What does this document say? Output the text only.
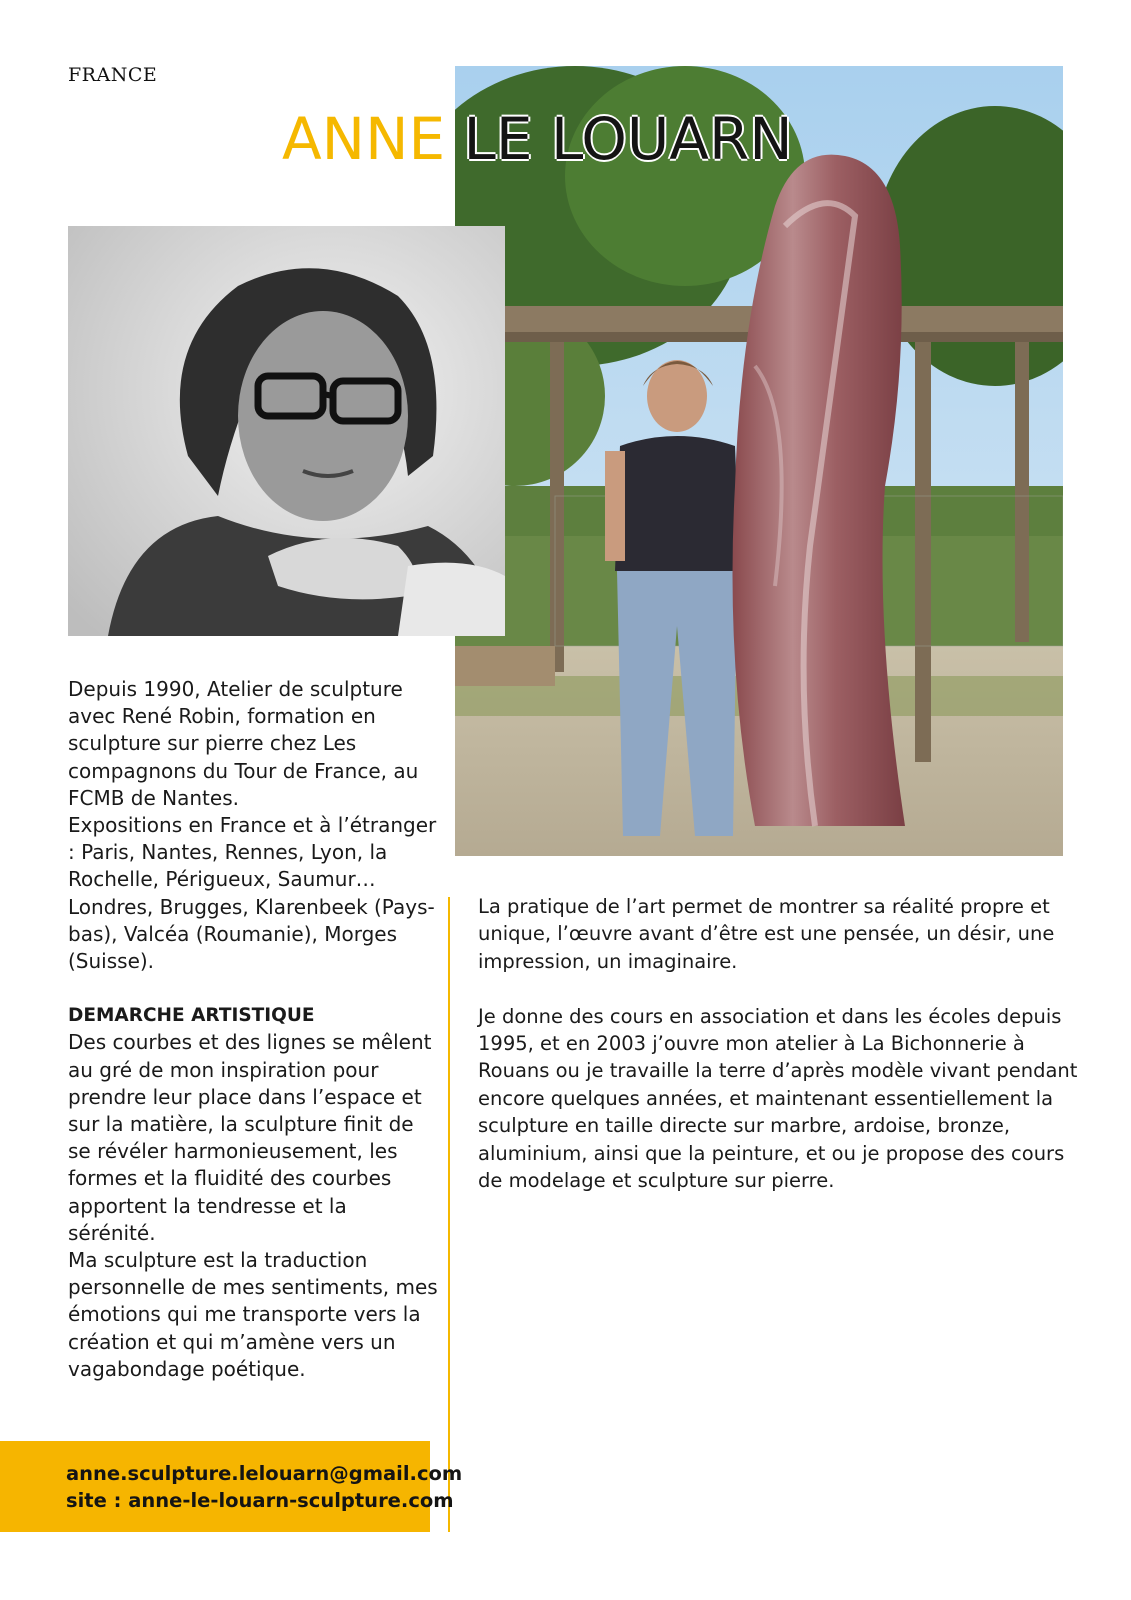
FRANCE
ANNE LE LOUARN

Depuis 1990, Atelier de sculpture avec René Robin, formation en sculpture sur pierre chez Les compagnons du Tour de France, au FCMB de Nantes.

Expositions en France et à l’étranger : Paris, Nantes, Rennes, Lyon, la Rochelle, Périgueux, Saumur… Londres, Brugges, Klarenbeek (Pays-bas), Valcéa (Roumanie), Morges (Suisse).

DEMARCHE ARTISTIQUE

Des courbes et des lignes se mêlent au gré de mon inspiration pour prendre leur place dans l’espace et sur la matière, la sculpture finit de se révéler harmonieusement, les formes et la fluidité des courbes apportent la tendresse et la sérénité.

Ma sculpture est la traduction personnelle de mes sentiments, mes émotions qui me transporte vers la création et qui m’amène vers un vagabondage poétique.

La pratique de l’art permet de montrer sa réalité propre et unique, l’œuvre avant d’être est une pensée, un désir, une impression, un imaginaire.

Je donne des cours en association et dans les écoles depuis 1995, et en 2003 j’ouvre mon atelier à La Bichonnerie à Rouans ou je travaille la terre d’après modèle vivant pendant encore quelques années, et maintenant essentiellement la sculpture en taille directe sur marbre, ardoise, bronze, aluminium, ainsi que la peinture, et ou je propose des cours de modelage et sculpture sur pierre.

anne.sculpture.lelouarn@gmail.com
site : anne-le-louarn-sculpture.com
